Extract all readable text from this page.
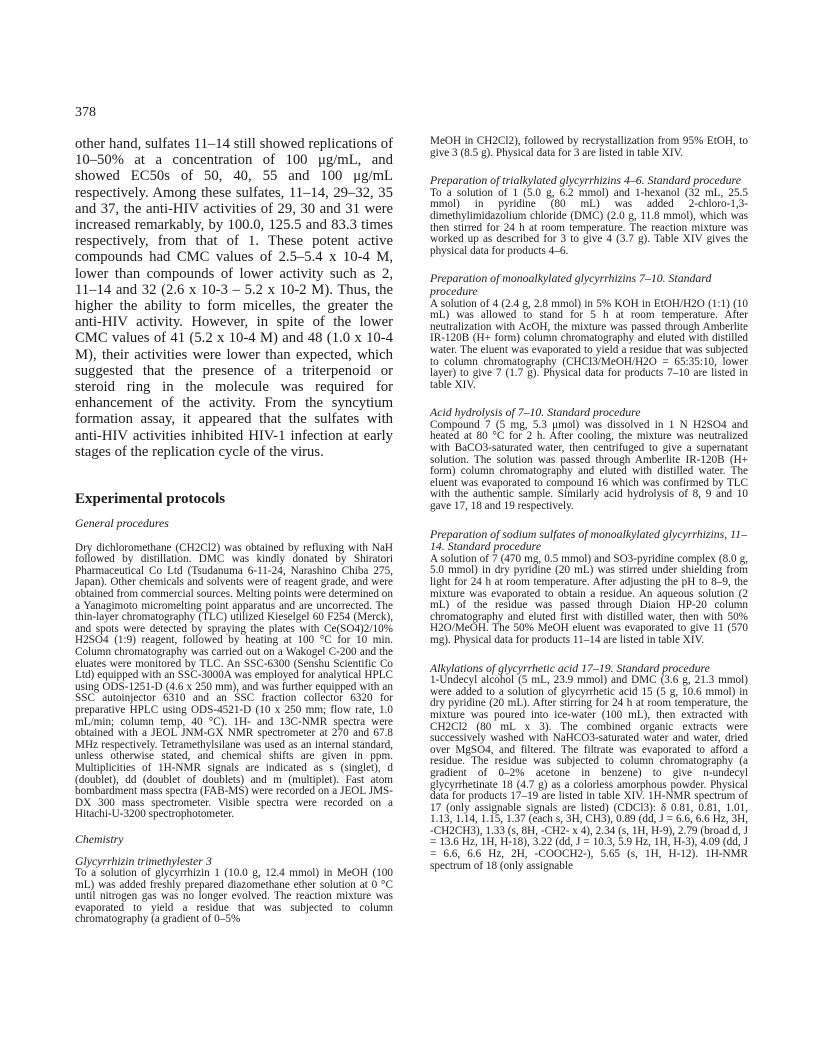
378

other hand, sulfates 11–14 still showed replications of 10–50% at a concentration of 100 μg/mL, and showed EC50s of 50, 40, 55 and 100 μg/mL respectively. Among these sulfates, 11–14, 29–32, 35 and 37, the anti-HIV activities of 29, 30 and 31 were increased remarkably, by 100.0, 125.5 and 83.3 times respectively, from that of 1. These potent active compounds had CMC values of 2.5–5.4 x 10-4 M, lower than compounds of lower activity such as 2, 11–14 and 32 (2.6 x 10-3 – 5.2 x 10-2 M). Thus, the higher the ability to form micelles, the greater the anti-HIV activity. However, in spite of the lower CMC values of 41 (5.2 x 10-4 M) and 48 (1.0 x 10-4 M), their activities were lower than expected, which suggested that the presence of a triterpenoid or steroid ring in the molecule was required for enhancement of the activity. From the syncytium formation assay, it appeared that the sulfates with anti-HIV activities inhibited HIV-1 infection at early stages of the replication cycle of the virus.

Experimental protocols
General procedures

Dry dichloromethane (CH2Cl2) was obtained by refluxing with NaH followed by distillation. DMC was kindly donated by Shiratori Pharmaceutical Co Ltd (Tsudanuma 6-11-24, Narashino Chiba 275, Japan). Other chemicals and solvents were of reagent grade, and were obtained from commercial sources. Melting points were determined on a Yanagimoto micromelting point apparatus and are uncorrected. The thin-layer chromatography (TLC) utilized Kieselgel 60 F254 (Merck), and spots were detected by spraying the plates with Ce(SO4)2/10% H2SO4 (1:9) reagent, followed by heating at 100 °C for 10 min. Column chromatography was carried out on a Wakogel C-200 and the eluates were monitored by TLC. An SSC-6300 (Senshu Scientific Co Ltd) equipped with an SSC-3000A was employed for analytical HPLC using ODS-1251-D (4.6 x 250 mm), and was further equipped with an SSC autoinjector 6310 and an SSC fraction collector 6320 for preparative HPLC using ODS-4521-D (10 x 250 mm; flow rate, 1.0 mL/min; column temp, 40 °C). 1H- and 13C-NMR spectra were obtained with a JEOL JNM-GX NMR spectrometer at 270 and 67.8 MHz respectively. Tetramethylsilane was used as an internal standard, unless otherwise stated, and chemical shifts are given in ppm. Multiplicities of 1H-NMR signals are indicated as s (singlet), d (doublet), dd (doublet of doublets) and m (multiplet). Fast atom bombardment mass spectra (FAB-MS) were recorded on a JEOL JMS-DX 300 mass spectrometer. Visible spectra were recorded on a Hitachi-U-3200 spectrophotometer.

Chemistry
Glycyrrhizin trimethylester 3

To a solution of glycyrrhizin 1 (10.0 g, 12.4 mmol) in MeOH (100 mL) was added freshly prepared diazomethane ether solution at 0 °C until nitrogen gas was no longer evolved. The reaction mixture was evaporated to yield a residue that was subjected to column chromatography (a gradient of 0–5%

MeOH in CH2Cl2), followed by recrystallization from 95% EtOH, to give 3 (8.5 g). Physical data for 3 are listed in table XIV.

Preparation of trialkylated glycyrrhizins 4–6. Standard procedure

To a solution of 1 (5.0 g, 6.2 mmol) and 1-hexanol (32 mL, 25.5 mmol) in pyridine (80 mL) was added 2-chloro-1,3-dimethylimidazolium chloride (DMC) (2.0 g, 11.8 mmol), which was then stirred for 24 h at room temperature. The reaction mixture was worked up as described for 3 to give 4 (3.7 g). Table XIV gives the physical data for products 4–6.

Preparation of monoalkylated glycyrrhizins 7–10. Standard procedure

A solution of 4 (2.4 g, 2.8 mmol) in 5% KOH in EtOH/H2O (1:1) (10 mL) was allowed to stand for 5 h at room temperature. After neutralization with AcOH, the mixture was passed through Amberlite IR-120B (H+ form) column chromatography and eluted with distilled water. The eluent was evaporated to yield a residue that was subjected to column chromatography (CHCl3/MeOH/H2O = 65:35:10, lower layer) to give 7 (1.7 g). Physical data for products 7–10 are listed in table XIV.

Acid hydrolysis of 7–10. Standard procedure

Compound 7 (5 mg, 5.3 μmol) was dissolved in 1 N H2SO4 and heated at 80 °C for 2 h. After cooling, the mixture was neutralized with BaCO3-saturated water, then centrifuged to give a supernatant solution. The solution was passed through Amberlite IR-120B (H+ form) column chromatography and eluted with distilled water. The eluent was evaporated to compound 16 which was confirmed by TLC with the authentic sample. Similarly acid hydrolysis of 8, 9 and 10 gave 17, 18 and 19 respectively.

Preparation of sodium sulfates of monoalkylated glycyrrhizins, 11–14. Standard procedure

A solution of 7 (470 mg, 0.5 mmol) and SO3-pyridine complex (8.0 g, 5.0 mmol) in dry pyridine (20 mL) was stirred under shielding from light for 24 h at room temperature. After adjusting the pH to 8–9, the mixture was evaporated to obtain a residue. An aqueous solution (2 mL) of the residue was passed through Diaion HP-20 column chromatography and eluted first with distilled water, then with 50% H2O/MeOH. The 50% MeOH eluent was evaporated to give 11 (570 mg). Physical data for products 11–14 are listed in table XIV.

Alkylations of glycyrrhetic acid 17–19. Standard procedure

1-Undecyl alcohol (5 mL, 23.9 mmol) and DMC (3.6 g, 21.3 mmol) were added to a solution of glycyrrhetic acid 15 (5 g, 10.6 mmol) in dry pyridine (20 mL). After stirring for 24 h at room temperature, the mixture was poured into ice-water (100 mL), then extracted with CH2Cl2 (80 mL x 3). The combined organic extracts were successively washed with NaHCO3-saturated water and water, dried over MgSO4, and filtered. The filtrate was evaporated to afford a residue. The residue was subjected to column chromatography (a gradient of 0–2% acetone in benzene) to give n-undecyl glycyrrhetinate 18 (4.7 g) as a colorless amorphous powder. Physical data for products 17–19 are listed in table XIV. 1H-NMR spectrum of 17 (only assignable signals are listed) (CDCl3): δ 0.81, 0.81, 1.01, 1.13, 1.14, 1.15, 1.37 (each s, 3H, CH3), 0.89 (dd, J = 6.6, 6.6 Hz, 3H, -CH2CH3), 1.33 (s, 8H, -CH2- x 4), 2.34 (s, 1H, H-9), 2.79 (broad d, J = 13.6 Hz, 1H, H-18), 3.22 (dd, J = 10.3, 5.9 Hz, 1H, H-3), 4.09 (dd, J = 6.6, 6.6 Hz, 2H, -COOCH2-), 5.65 (s, 1H, H-12). 1H-NMR spectrum of 18 (only assignable
